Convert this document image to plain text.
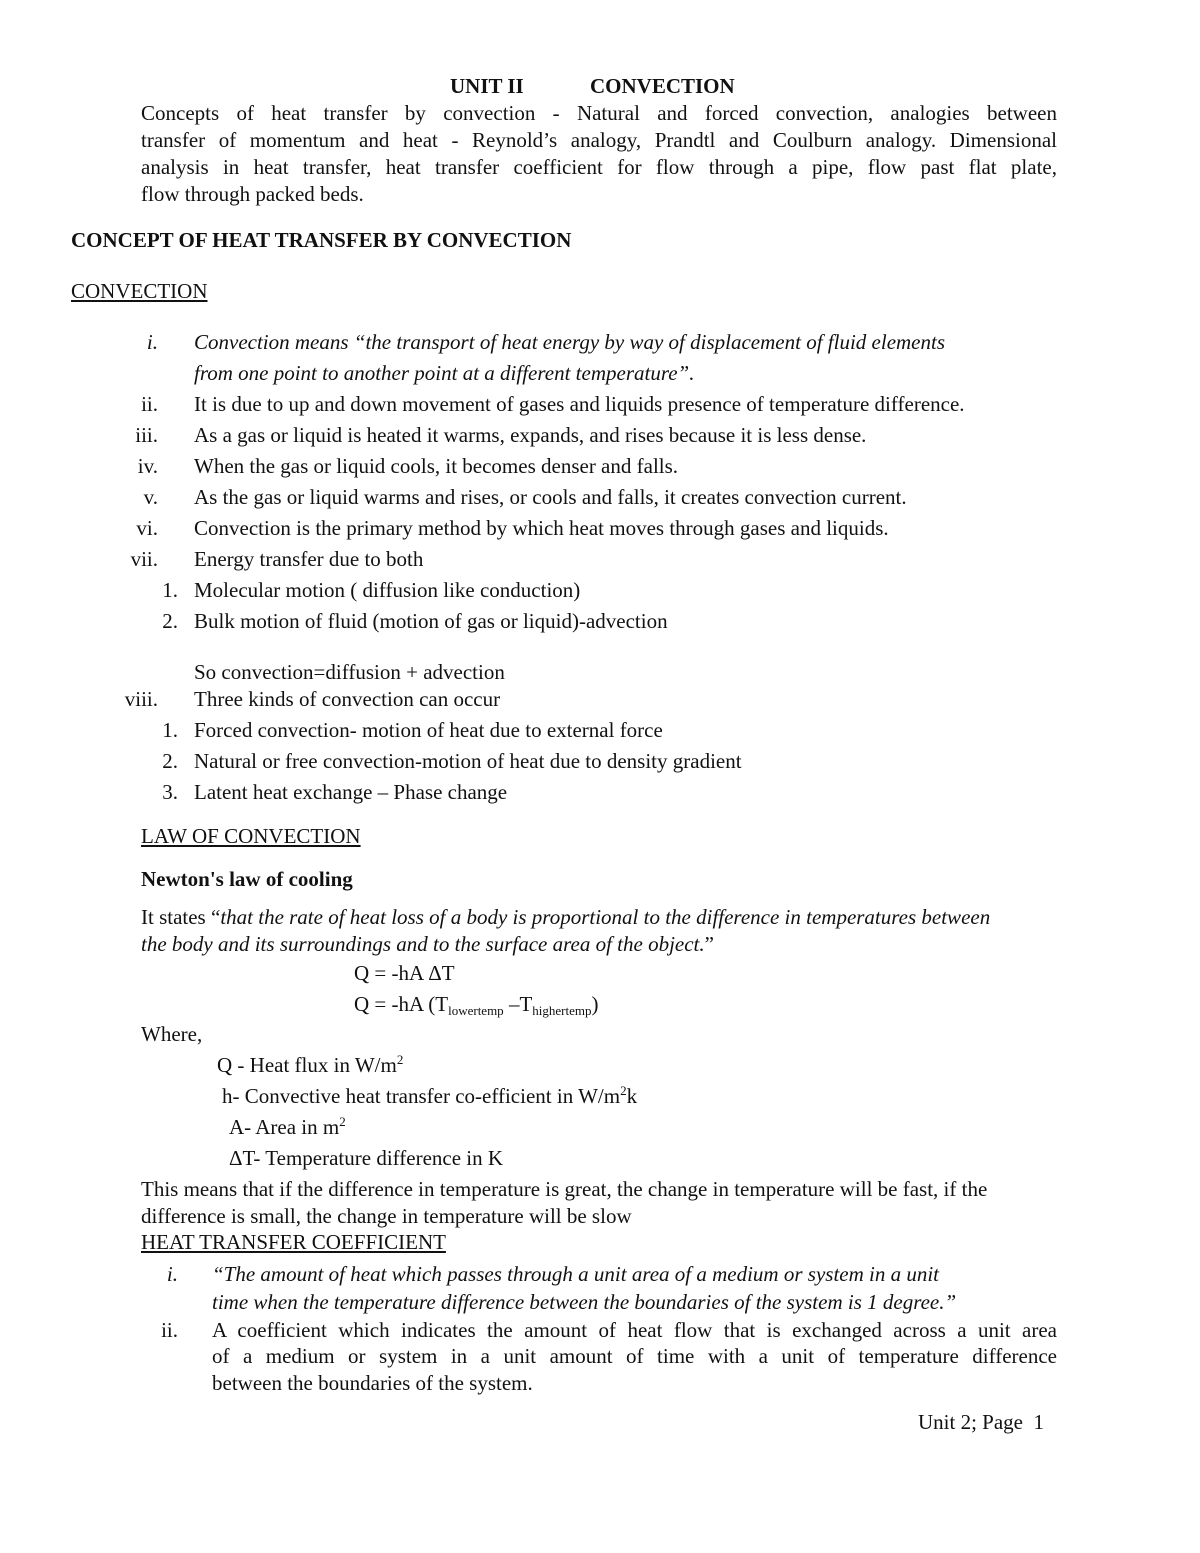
UNIT II	CONVECTION
Concepts of heat transfer by convection - Natural and forced convection, analogies between
transfer of momentum and heat - Reynold’s analogy, Prandtl and Coulburn analogy. Dimensional
analysis in heat transfer, heat transfer coefficient for flow through a pipe, flow past flat plate,
flow through packed beds.
CONCEPT OF HEAT TRANSFER BY CONVECTION
CONVECTION
i. Convection means “the transport of heat energy by way of displacement of fluid elements
from one point to another point at a different temperature”.
ii. It is due to up and down movement of gases and liquids presence of temperature difference.
iii. As a gas or liquid is heated it warms, expands, and rises because it is less dense.
iv. When the gas or liquid cools, it becomes denser and falls.
v. As the gas or liquid warms and rises, or cools and falls, it creates convection current.
vi. Convection is the primary method by which heat moves through gases and liquids.
vii. Energy transfer due to both
1. Molecular motion ( diffusion like conduction)
2. Bulk motion of fluid (motion of gas or liquid)-advection
So convection=diffusion + advection
viii. Three kinds of convection can occur
1. Forced convection- motion of heat due to external force
2. Natural or free convection-motion of heat due to density gradient
3. Latent heat exchange – Phase change
LAW OF CONVECTION
Newton's law of cooling
It states “that the rate of heat loss of a body is proportional to the difference in temperatures between
the body and its surroundings and to the surface area of the object.”
Q = -hA ΔT
Q = -hA ($T_{lowertemp}$ $-T_{highertemp}$)
Where,
Q - Heat flux in $W/m^2$
h- Convective heat transfer co-efficient in $W/m^2k$
A- Area in $m^2$
ΔT- Temperature difference in K
This means that if the difference in temperature is great, the change in temperature will be fast, if the
difference is small, the change in temperature will be slow
HEAT TRANSFER COEFFICIENT
i. “The amount of heat which passes through a unit area of a medium or system in a unit
time when the temperature difference between the boundaries of the system is 1 degree.”
ii. A coefficient which indicates the amount of heat flow that is exchanged across a unit area
of a medium or system in a unit amount of time with a unit of temperature difference
between the boundaries of the system.
Unit 2; Page  1
